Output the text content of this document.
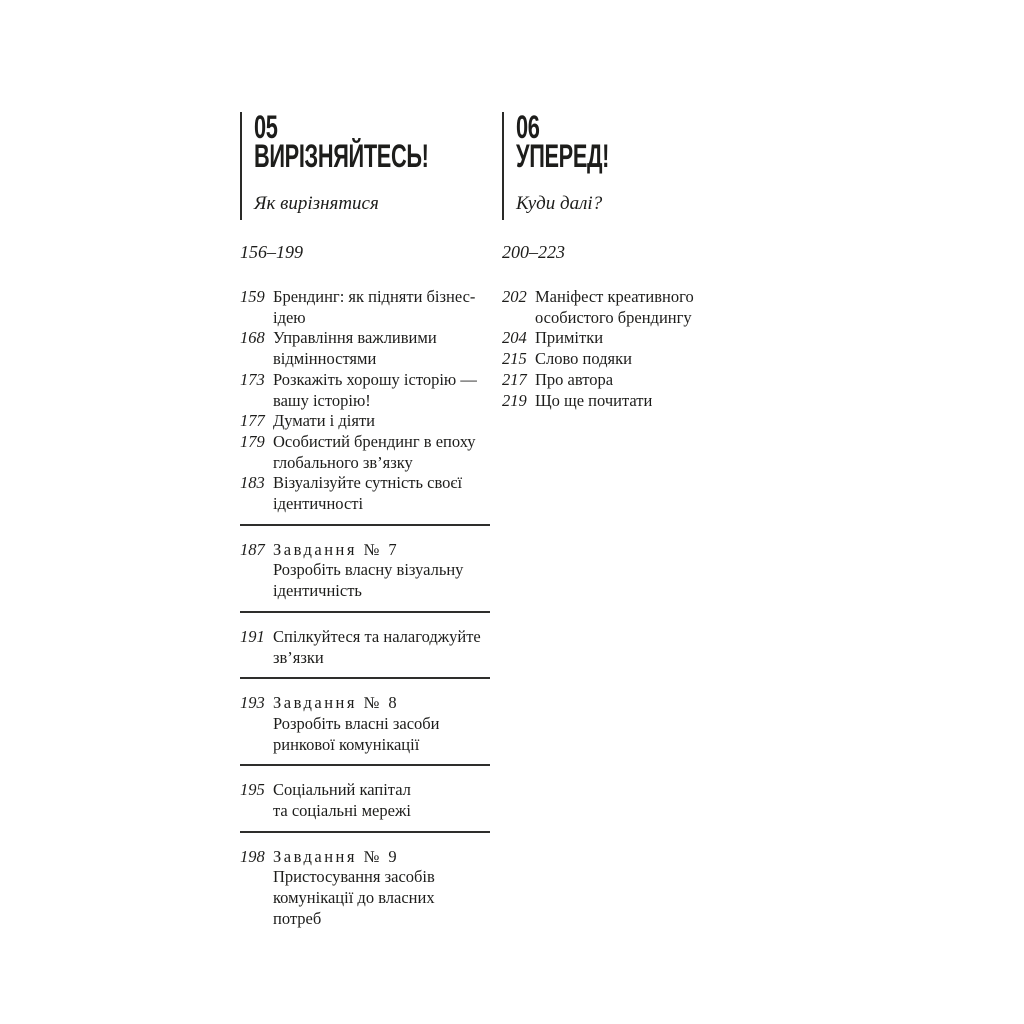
05
ВИРІЗНЯЙТЕСЬ!
Як вирізнятися
156–199
159 Брендинг: як підняти бізнес-
ідею
168 Управління важливими
відмінностями
173 Розкажіть хорошу історію —
вашу історію!
177 Думати і діяти
179 Особистий брендинг в епоху
глобального зв’язку
183 Візуалізуйте сутність своєї
ідентичності
187 Завдання № 7
Розробіть власну візуальну
ідентичність
191 Спілкуйтеся та налагоджуйте
зв’язки
193 Завдання № 8
Розробіть власні засоби
ринкової комунікації
195 Соціальний капітал
та соціальні мережі
198 Завдання № 9
Пристосування засобів
комунікації до власних
потреб
06
УПЕРЕД!
Куди далі?
200–223
202 Маніфест креативного
особистого брендингу
204 Примітки
215 Слово подяки
217 Про автора
219 Що ще почитати
